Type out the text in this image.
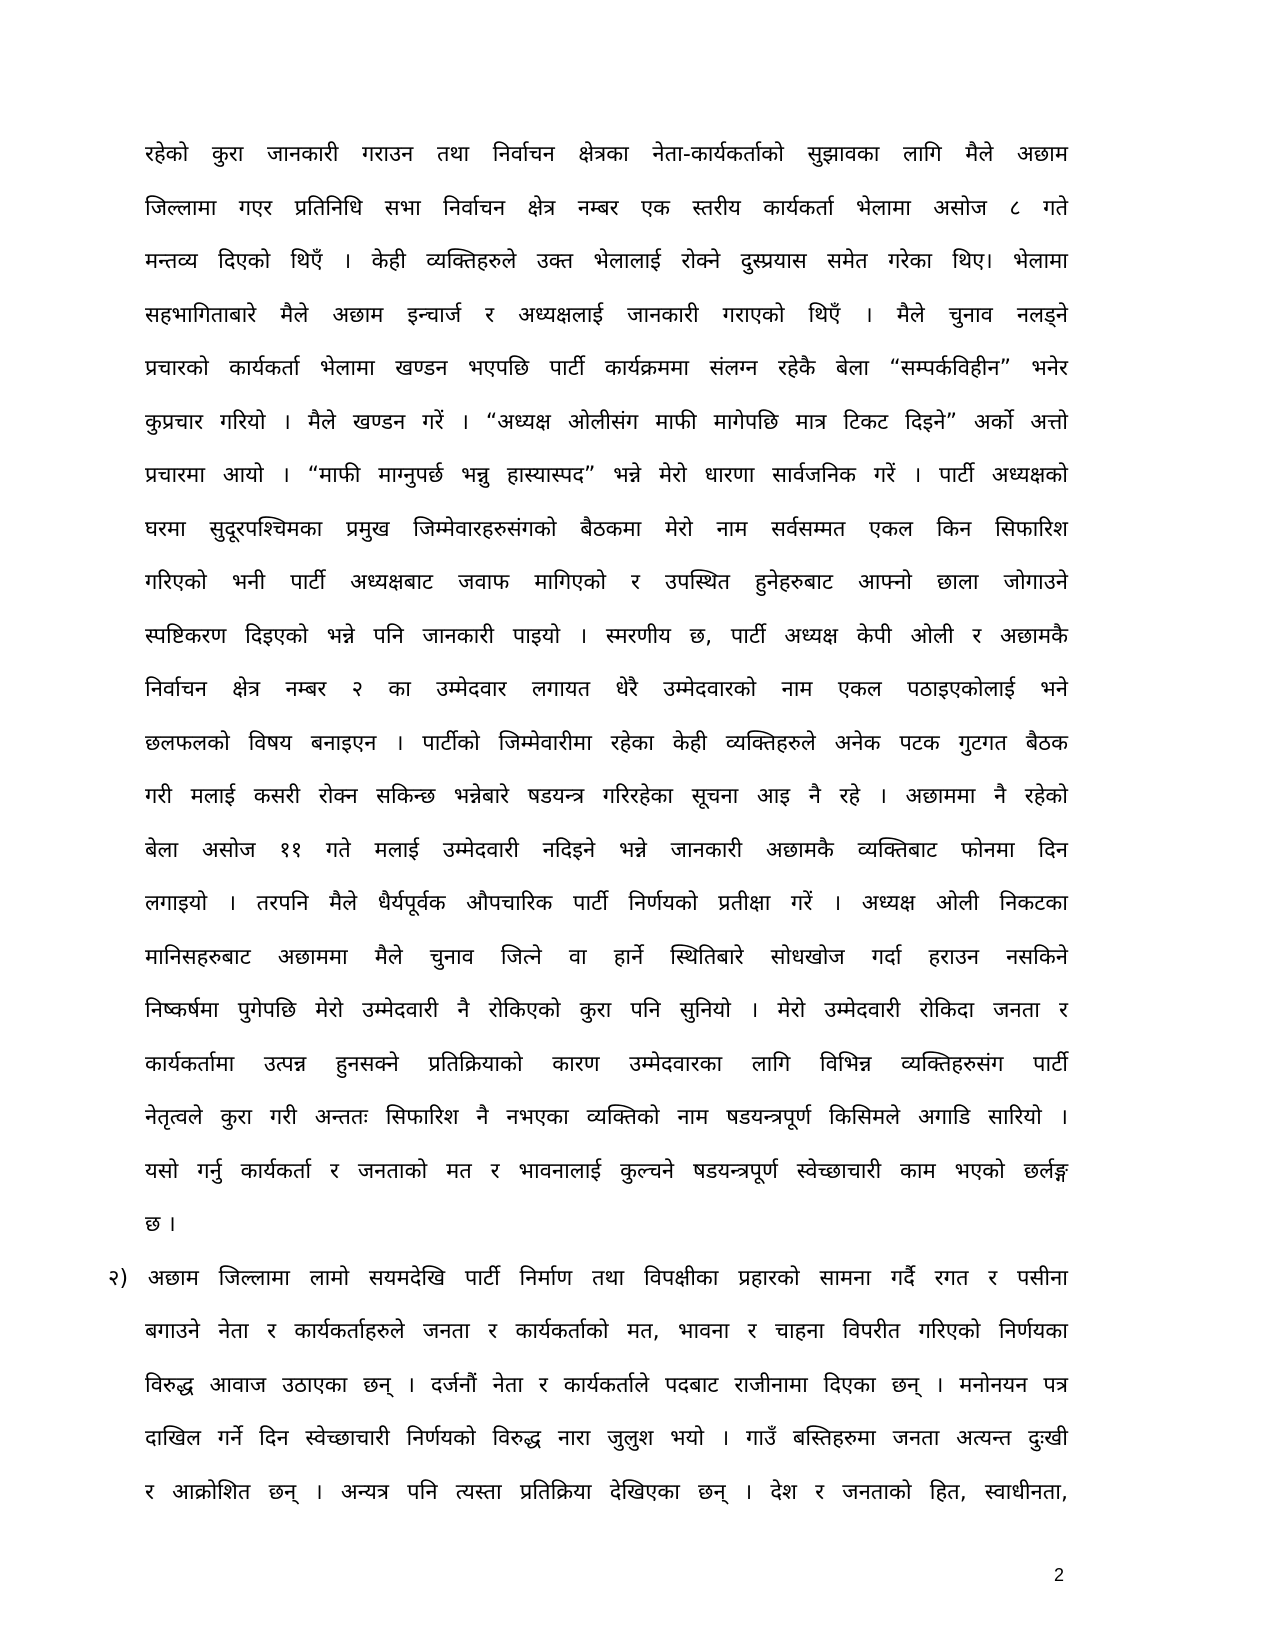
रहेको कुरा जानकारी गराउन तथा निर्वाचन क्षेत्रका नेता-कार्यकर्ताको सुझावका लागि मैले अछाम
जिल्लामा गएर प्रतिनिधि सभा निर्वाचन क्षेत्र नम्बर एक स्तरीय कार्यकर्ता भेलामा असोज ८ गते
मन्तव्य दिएको थिएँ । केही व्यक्तिहरुले उक्त भेलालाई रोक्ने दुस्प्रयास समेत गरेका थिए। भेलामा
सहभागिताबारे मैले अछाम इन्चार्ज र अध्यक्षलाई जानकारी गराएको थिएँ । मैले चुनाव नलड्ने
प्रचारको कार्यकर्ता भेलामा खण्डन भएपछि पार्टी कार्यक्रममा संलग्न रहेकै बेला “सम्पर्कविहीन” भनेर
कुप्रचार गरियो । मैले खण्डन गरें । “अध्यक्ष ओलीसंग माफी मागेपछि मात्र टिकट दिइने” अर्को अत्तो
प्रचारमा आयो । “माफी माग्नुपर्छ भन्नु हास्यास्पद” भन्ने मेरो धारणा सार्वजनिक गरें । पार्टी अध्यक्षको
घरमा सुदूरपश्चिमका प्रमुख जिम्मेवारहरुसंगको बैठकमा मेरो नाम सर्वसम्मत एकल किन सिफारिश
गरिएको भनी पार्टी अध्यक्षबाट जवाफ मागिएको र उपस्थित हुनेहरुबाट आफ्नो छाला जोगाउने
स्पष्टिकरण दिइएको भन्ने पनि जानकारी पाइयो । स्मरणीय छ, पार्टी अध्यक्ष केपी ओली र अछामकै
निर्वाचन क्षेत्र नम्बर २ का उम्मेदवार लगायत धेरै उम्मेदवारको नाम एकल पठाइएकोलाई भने
छलफलको विषय बनाइएन । पार्टीको जिम्मेवारीमा रहेका केही व्यक्तिहरुले अनेक पटक गुटगत बैठक
गरी मलाई कसरी रोक्न सकिन्छ भन्नेबारे षडयन्त्र गरिरहेका सूचना आइ नै रहे । अछाममा नै रहेको
बेला असोज ११ गते मलाई उम्मेदवारी नदिइने भन्ने जानकारी अछामकै व्यक्तिबाट फोनमा दिन
लगाइयो । तरपनि मैले धैर्यपूर्वक औपचारिक पार्टी निर्णयको प्रतीक्षा गरें । अध्यक्ष ओली निकटका
मानिसहरुबाट अछाममा मैले चुनाव जित्ने वा हार्ने स्थितिबारे सोधखोज गर्दा हराउन नसकिने
निष्कर्षमा पुगेपछि मेरो उम्मेदवारी नै रोकिएको कुरा पनि सुनियो । मेरो उम्मेदवारी रोकिदा जनता र
कार्यकर्तामा उत्पन्न हुनसक्ने प्रतिक्रियाको कारण उम्मेदवारका लागि विभिन्न व्यक्तिहरुसंग पार्टी
नेतृत्वले कुरा गरी अन्ततः सिफारिश नै नभएका व्यक्तिको नाम षडयन्त्रपूर्ण किसिमले अगाडि सारियो ।
यसो गर्नु कार्यकर्ता र जनताको मत र भावनालाई कुल्चने षडयन्त्रपूर्ण स्वेच्छाचारी काम भएको छर्लङ्ग
छ ।
२) अछाम जिल्लामा लामो सयमदेखि पार्टी निर्माण तथा विपक्षीका प्रहारको सामना गर्दै रगत र पसीना
बगाउने नेता र कार्यकर्ताहरुले जनता र कार्यकर्ताको मत, भावना र चाहना विपरीत गरिएको निर्णयका
विरुद्ध आवाज उठाएका छन् । दर्जनौं नेता र कार्यकर्ताले पदबाट राजीनामा दिएका छन् । मनोनयन पत्र
दाखिल गर्ने दिन स्वेच्छाचारी निर्णयको विरुद्ध नारा जुलुश भयो । गाउँ बस्तिहरुमा जनता अत्यन्त दुःखी
र आक्रोशित छन् । अन्यत्र पनि त्यस्ता प्रतिक्रिया देखिएका छन् । देश र जनताको हित, स्वाधीनता,
2
